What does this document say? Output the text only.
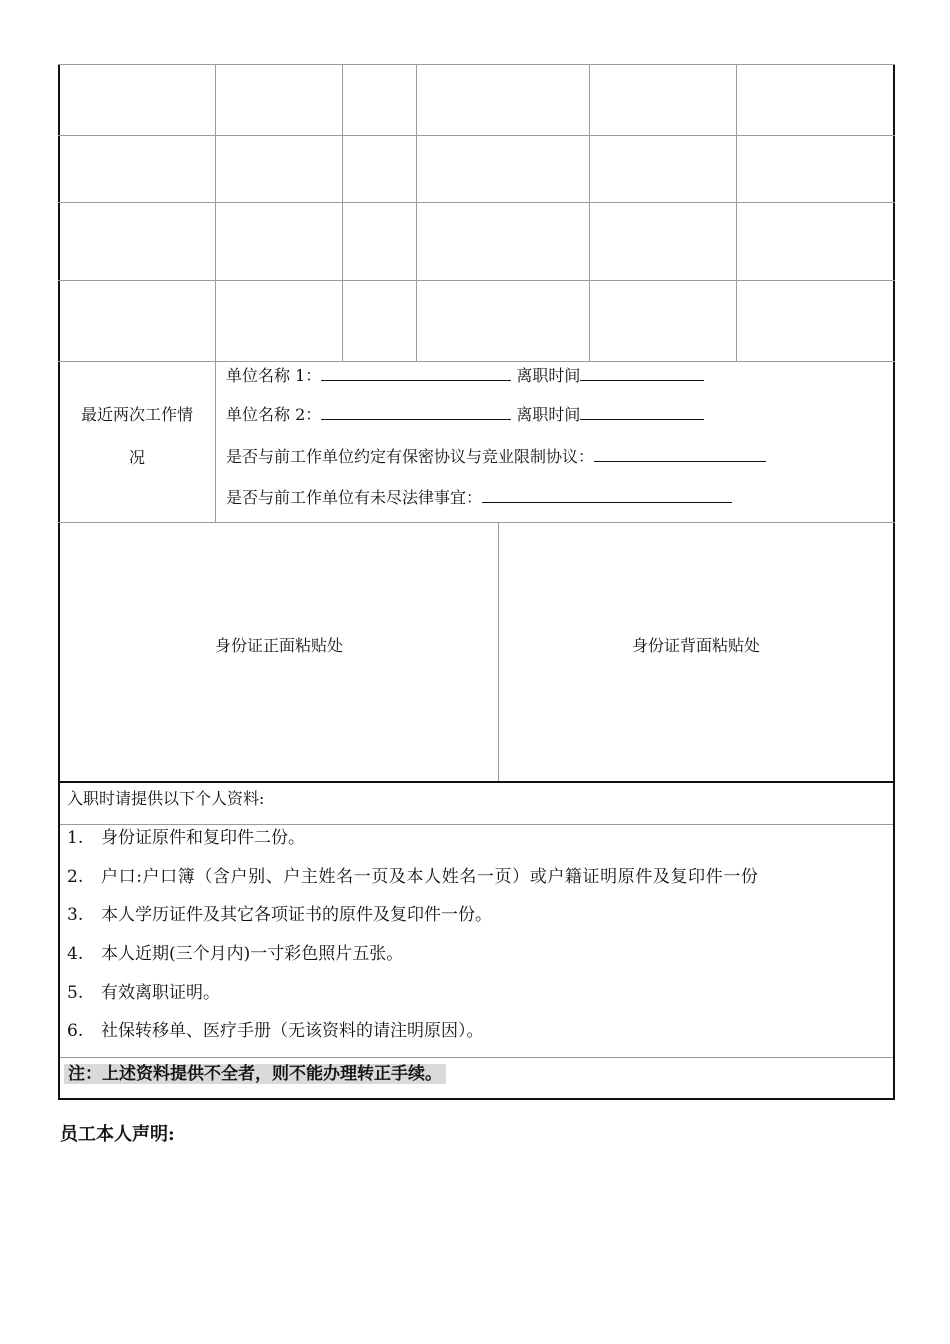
最近两次工作情
况
单位名称 1：	离职时间
单位名称 2：	离职时间
是否与前工作单位约定有保密协议与竞业限制协议：
是否与前工作单位有未尽法律事宜：
身份证正面粘贴处	身份证背面粘贴处
入职时请提供以下个人资料:
1. 身份证原件和复印件二份。
2. 户口:户口簿（含户别、户主姓名一页及本人姓名一页）或户籍证明原件及复印件一份
3. 本人学历证件及其它各项证书的原件及复印件一份。
4. 本人近期(三个月内)一寸彩色照片五张。
5. 有效离职证明。
6. 社保转移单、医疗手册（无该资料的请注明原因）。
注：上述资料提供不全者，则不能办理转正手续。
员工本人声明:
